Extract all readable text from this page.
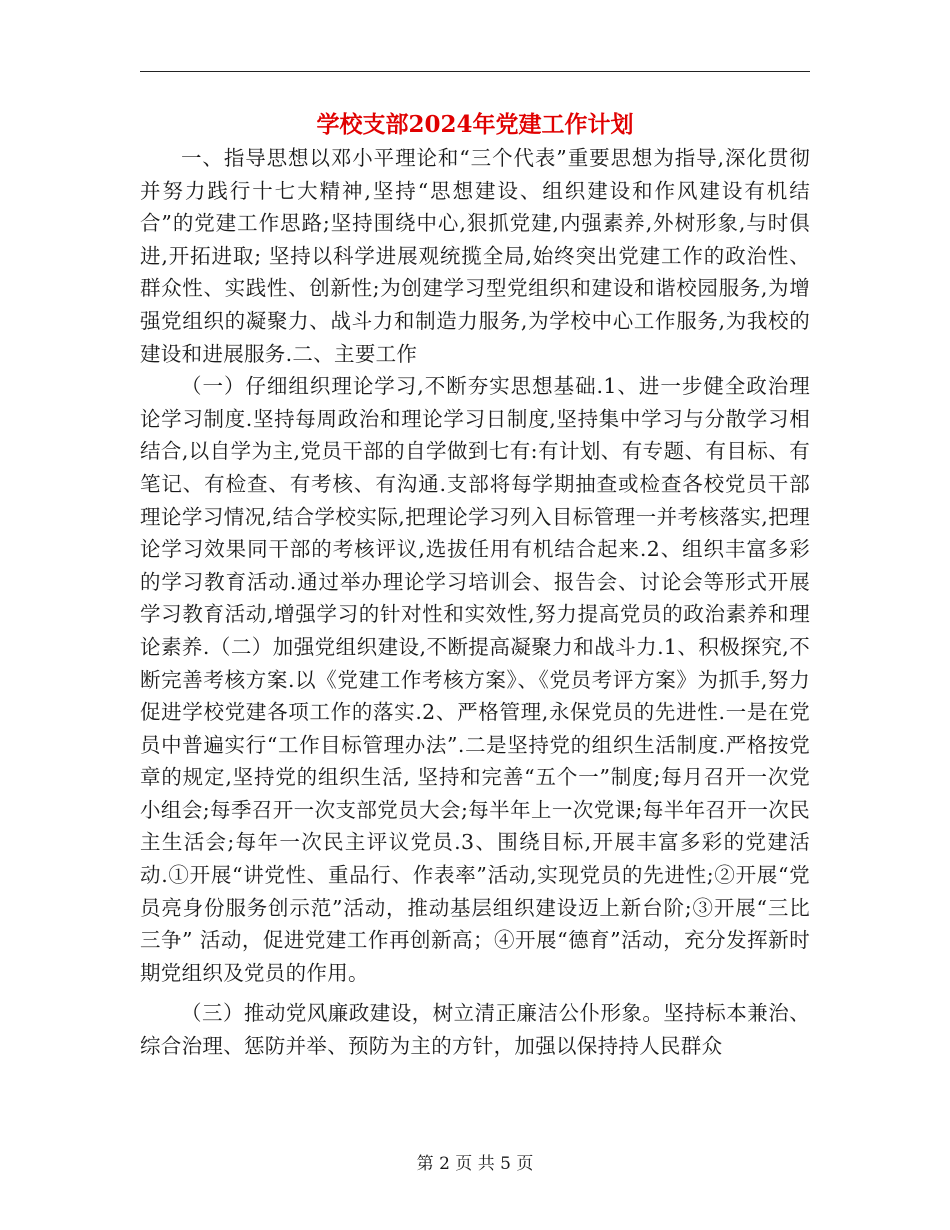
学校支部2024年党建工作计划

一、指导思想以邓小平理论和“三个代表”重要思想为指导,深化贯彻并努力践行十七大精神,坚持“思想建设、组织建设和作风建设有机结合”的党建工作思路;坚持围绕中心,狠抓党建,内强素养,外树形象,与时俱进,开拓进取; 坚持以科学进展观统揽全局,始终突出党建工作的政治性、群众性、实践性、创新性;为创建学习型党组织和建设和谐校园服务,为增强党组织的凝聚力、战斗力和制造力服务,为学校中心工作服务,为我校的建设和进展服务.二、主要工作

（一）仔细组织理论学习,不断夯实思想基础.1、进一步健全政治理论学习制度.坚持每周政治和理论学习日制度,坚持集中学习与分散学习相结合,以自学为主,党员干部的自学做到七有:有计划、有专题、有目标、有笔记、有检查、有考核、有沟通.支部将每学期抽查或检查各校党员干部理论学习情况,结合学校实际,把理论学习列入目标管理一并考核落实,把理论学习效果同干部的考核评议,选拔任用有机结合起来.2、组织丰富多彩的学习教育活动.通过举办理论学习培训会、报告会、讨论会等形式开展学习教育活动,增强学习的针对性和实效性,努力提高党员的政治素养和理论素养.（二）加强党组织建设,不断提高凝聚力和战斗力.1、积极探究,不断完善考核方案.以《党建工作考核方案》、《党员考评方案》为抓手,努力促进学校党建各项工作的落实.2、严格管理,永保党员的先进性.一是在党员中普遍实行“工作目标管理办法”.二是坚持党的组织生活制度.严格按党章的规定,坚持党的组织生活, 坚持和完善“五个一”制度;每月召开一次党小组会;每季召开一次支部党员大会;每半年上一次党课;每半年召开一次民主生活会;每年一次民主评议党员.3、围绕目标,开展丰富多彩的党建活动.①开展“讲党性、重品行、作表率”活动,实现党员的先进性;②开展“党员亮身份服务创示范”活动，推动基层组织建设迈上新台阶;③开展“三比三争” 活动，促进党建工作再创新高；④开展“德育”活动，充分发挥新时期党组织及党员的作用。

（三）推动党风廉政建设，树立清正廉洁公仆形象。坚持标本兼治、综合治理、惩防并举、预防为主的方针，加强以保持持人民群众

第 2 页 共 5 页
